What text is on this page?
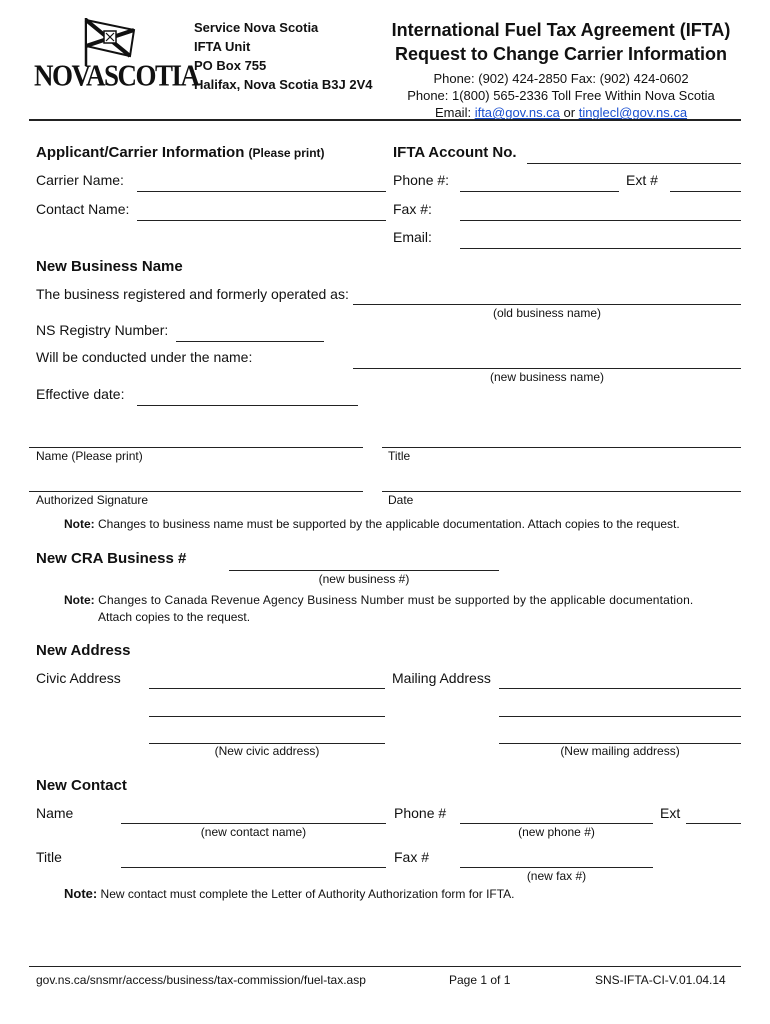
NOVASCOTIA
Service Nova Scotia
IFTA Unit
PO Box 755
Halifax, Nova Scotia B3J 2V4
International Fuel Tax Agreement (IFTA)
Request to Change Carrier Information
Phone: (902) 424-2850 Fax: (902) 424-0602
Phone: 1(800) 565-2336 Toll Free Within Nova Scotia
Email: ifta@gov.ns.ca or tinglecl@gov.ns.ca
Applicant/Carrier Information (Please print)	IFTA Account No.
Carrier Name:	Phone #:	Ext #
Contact Name:	Fax #:
Email:
New Business Name
The business registered and formerly operated as:
(old business name)
NS Registry Number:
Will be conducted under the name:
(new business name)
Effective date:
Name (Please print)	Title
Authorized Signature	Date
Note: Changes to business name must be supported by the applicable documentation. Attach copies to the request.
New CRA Business #
(new business #)
Note: Changes to Canada Revenue Agency Business Number must be supported by the applicable documentation.
Attach copies to the request.
New Address
Civic Address	Mailing Address
(New civic address)	(New mailing address)
New Contact
Name	Phone #	Ext
(new contact name)	(new phone #)
Title	Fax #
(new fax #)
Note: New contact must complete the Letter of Authority Authorization form for IFTA.
gov.ns.ca/snsmr/access/business/tax-commission/fuel-tax.asp	Page 1 of 1	SNS-IFTA-CI-V.01.04.14
